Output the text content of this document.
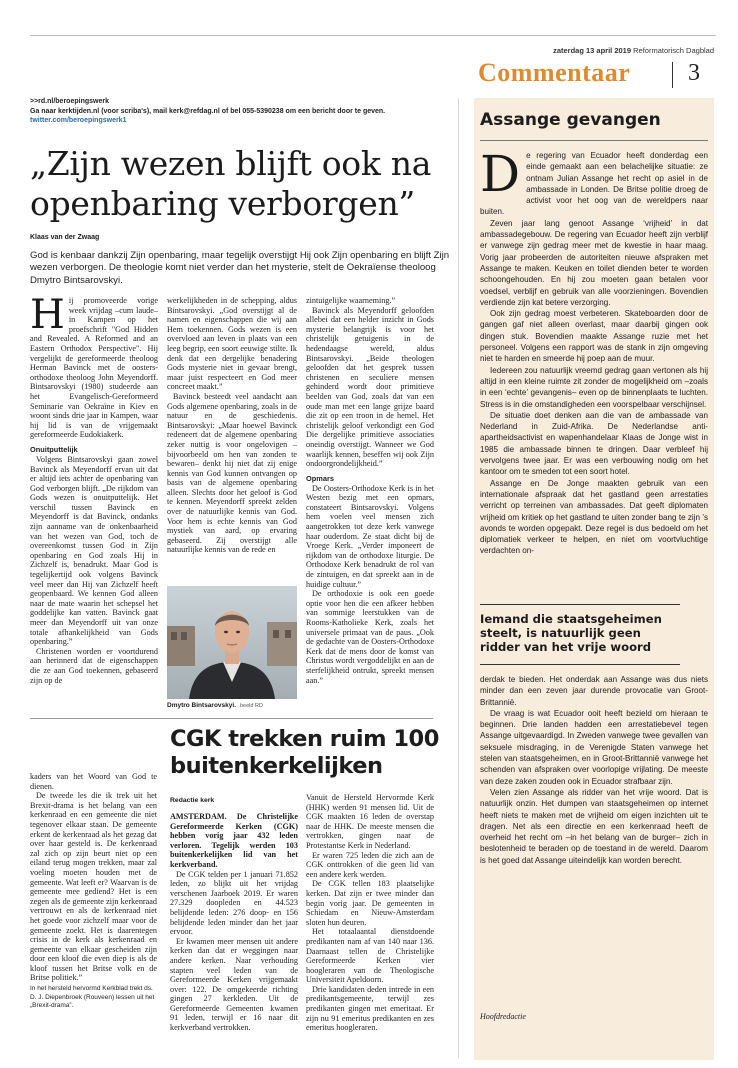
zaterdag 13 april 2019 Reformatorisch Dagblad
Commentaar 3
>>rd.nl/beroepingswerk
Ga naar kerktijden.nl (voor scriba's), mail kerk@refdag.nl of bel 055-5390238 om een bericht door te geven.
twitter.com/beroepingswerk1
„Zijn wezen blijft ook na openbaring verborgen”
Klaas van der Zwaag
God is kenbaar dankzij Zijn openbaring, maar tegelijk overstijgt Hij ook Zijn openbaring en blijft Zijn wezen verborgen. De theologie komt niet verder dan het mysterie, stelt de Oekraïense theoloog Dmytro Bintsarovskyi.
H ij promoveerde vorige week vrijdag –cum laude– in Kampen op het proefschrift "God Hidden and Revealed. A Reformed and an Eastern Orthodox Perspective". Hij vergelijkt de gereformeerde theoloog Herman Bavinck met de oosters-orthodoxe theoloog John Meyendorff. Bintsarovskyi (1980) studeerde aan het Evangelisch-Gereformeerd Seminarie van Oekraïne in Kiev en woont sinds drie jaar in Kampen, waar hij lid is van de vrijgemaakt gereformeerde Eudokiakerk.

Onuitputtelijk

Volgens Bintsarovskyi gaan zowel Bavinck als Meyendorff ervan uit dat er altijd iets achter de openbaring van God verborgen blijft. „De rijkdom van Gods wezen is onuitputtelijk. Het verschil tussen Bavinck en Meyendorff is dat Bavinck, ondanks zijn aanname van de onkenbaarheid van het wezen van God, toch de overeenkomst tussen God in Zijn openbaring en God zoals Hij in Zichzelf is, benadrukt. Maar God is tegelijkertijd ook volgens Bavinck veel meer dan Hij van Zichzelf heeft geopenbaard. We kennen God alleen naar de mate waarin het schepsel het goddelijke kan vatten. Bavinck gaat meer dan Meyendorff uit van onze totale afhankelijkheid van Gods openbaring.”

Christenen worden er voortdurend aan herinnerd dat de eigenschappen die ze aan God toekennen, gebaseerd zijn op de

werkelijkheden in de schepping, aldus Bintsarovskyi. „God overstijgt al de namen en eigenschappen die wij aan Hem toekennen. Gods wezen is een overvloed aan leven in plaats van een leeg begrip, een soort eeuwige stilte. Ik denk dat een dergelijke benadering Gods mysterie niet in gevaar brengt, maar juist respecteert en God meer concreet maakt.”

Bavinck besteedt veel aandacht aan Gods algemene openbaring, zoals in de natuur en de geschiedenis. Bintsarovskyi: „Maar hoewel Bavinck redeneert dat de algemene openbaring zeker nuttig is voor ongelovigen –bijvoorbeeld om hen van zonden te bewaren– denkt hij niet dat zij enige kennis van God kunnen ontvangen op basis van de algemene openbaring alleen. Slechts door het geloof is God te kennen. Meyendorff spreekt zelden over de natuurlijke kennis van God. Voor hem is echte kennis van God mystiek van aard, op ervaring gebaseerd. Zij overstijgt alle natuurlijke kennis van de rede en

zintuigelijke waarneming.”

Bavinck als Meyendorff geloofden allebei dat een helder inzicht in Gods mysterie belangrijk is voor het christelijk getuigenis in de hedendaagse wereld, aldus Bintsarovskyi. „Beide theologen geloofden dat het gesprek tussen christenen en seculiere mensen gehinderd wordt door primitieve beelden van God, zoals dat van een oude man met een lange grijze baard die zit op een troon in de hemel. Het christelijk geloof verkondigt een God Die dergelijke primitieve associaties oneindig overstijgt. Wanneer we God waarlijk kennen, beseffen wij ook Zijn ondoorgrondelijkheid.”

Opmars

De Oosters-Orthodoxe Kerk is in het Westen bezig met een opmars, constateert Bintsarovskyi. Volgens hem voelen veel mensen zich aangetrokken tot deze kerk vanwege haar ouderdom. Ze staat dicht bij de Vroege Kerk. „Verder imponeert de rijkdom van de orthodoxe liturgie. De Orthodoxe Kerk benadrukt de rol van de zintuigen, en dat spreekt aan in de huidige cultuur.”

De orthodoxie is ook een goede optie voor hen die een afkeer hebben van sommige leerstukken van de Rooms-Katholieke Kerk, zoals het universele primaat van de paus. „Ook de gedachte van de Oosters-Orthodoxe Kerk dat de mens door de komst van Christus wordt vergoddelijkt en aan de sterfelijkheid ontrukt, spreekt mensen aan.”

Dmytro Bintsarovskyi. beeld RD

kaders van het Woord van God te dienen.

De tweede les die ik trek uit het Brexit-drama is het belang van een kerkenraad en een gemeente die niet tegenover elkaar staan. De gemeente erkent de kerkenraad als het gezag dat over haar gesteld is. De kerkenraad zal zich op zijn beurt niet op een eiland terug mogen trekken, maar zal voeling moeten houden met de gemeente. Wat leeft er? Waarvan is de gemeente mee gediend? Het is een zegen als de gemeente zijn kerkenraad vertrouwt en als de kerkenraad niet het goede voor zichzelf maar voor de gemeente zoekt. Het is daarentegen crisis in de kerk als kerkenraad en gemeente van elkaar gescheiden zijn door een kloof die even diep is als de kloof tussen het Britse volk en de Britse politiek.”

In het hersteld hervormd Kerkblad trekt ds. D. J. Diepenbroek (Rouveen) lessen uit het „Brexit-drama”.
CGK trekken ruim 100 buitenkerkelijken
Redactie kerk

AMSTERDAM. De Christelijke Gereformeerde Kerken (CGK) hebben vorig jaar 432 leden verloren. Tegelijk werden 103 buitenkerkelijken lid van het kerkverband.

De CGK telden per 1 januari 71.852 leden, zo blijkt uit het vrijdag verschenen Jaarboek 2019. Er waren 27.329 doopleden en 44.523 belijdende leden: 276 doop- en 156 belijdende leden minder dan het jaar ervoor.

Er kwamen meer mensen uit andere kerken dan dat er weggingen naar andere kerken. Naar verhouding stapten veel leden van de Gereformeerde Kerken vrijgemaakt over: 122. De omgekeerde richting gingen 27 kerkleden. Uit de Gereformeerde Gemeenten kwamen 91 leden, terwijl er 16 naar dit kerkverband vertrokken.

Vanuit de Hersteld Hervormde Kerk (HHK) werden 91 mensen lid. Uit de CGK maakten 16 leden de overstap naar de HHK. De meeste mensen die vertrokken, gingen naar de Protestantse Kerk in Nederland.

Er waren 725 leden die zich aan de CGK onttrokken of die geen lid van een andere kerk werden.

De CGK tellen 183 plaatselijke kerken. Dat zijn er twee minder dan begin vorig jaar. De gemeenten in Schiedam en Nieuw-Amsterdam sloten hun deuren.

Het totaalaantal dienstdoende predikanten nam af van 140 naar 136. Daarnaast tellen de Christelijke Gereformeerde Kerken vier hoogleraren van de Theologische Universiteit Apeldoorn.

Drie kandidaten deden intrede in een predikantsgemeente, terwijl zes predikanten gingen met emeritaat. Er zijn nu 91 emeritus predikanten en zes emeritus hoogleraren.

Assange gevangen
D e regering van Ecuador heeft donderdag een einde gemaakt aan een belachelijke situatie: ze ontnam Julian Assange het recht op asiel in de ambassade in Londen. De Britse politie droeg de activist voor het oog van de wereldpers naar buiten.

Zeven jaar lang genoot Assange ‘vrijheid’ in dat ambassadegebouw. De regering van Ecuador heeft zijn verblijf er vanwege zijn gedrag meer met de kwestie in haar maag. Vorig jaar probeerden de autoriteiten nieuwe afspraken met Assange te maken. Keuken en toilet dienden beter te worden schoongehouden. En hij zou moeten gaan betalen voor voedsel, verblijf en gebruik van alle voorzieningen. Bovendien verdiende zijn kat betere verzorging.

Ook zijn gedrag moest verbeteren. Skateboarden door de gangen gaf niet alleen overlast, maar daarbij gingen ook dingen stuk. Bovendien maakte Assange ruzie met het personeel. Volgens een rapport was de stank in zijn omgeving niet te harden en smeerde hij poep aan de muur.

Iedereen zou natuurlijk vreemd gedrag gaan vertonen als hij altijd in een kleine ruimte zit zonder de mogelijkheid om –zoals in een ‘echte’ gevangenis– even op de binnenplaats te luchten. Stress is in die omstandigheden een voorspelbaar verschijnsel.

De situatie doet denken aan die van de ambassade van Nederland in Zuid-Afrika. De Nederlandse anti-apartheidsactivist en wapenhandelaar Klaas de Jonge wist in 1985 die ambassade binnen te dringen. Daar verbleef hij vervolgens twee jaar. Er was een verbouwing nodig om het kantoor om te smeden tot een soort hotel.

Assange en De Jonge maakten gebruik van een internationale afspraak dat het gastland geen arrestaties verricht op terreinen van ambassades. Dat geeft diplomaten vrijheid om kritiek op het gastland te uiten zonder bang te zijn ’s avonds te worden opgepakt. Deze regel is dus bedoeld om het diplomatiek verkeer te helpen, en niet om voortvluchtige verdachten on-

Iemand die staatsgeheimen steelt, is natuurlijk geen ridder van het vrije woord

derdak te bieden. Het onderdak aan Assange was dus niets minder dan een zeven jaar durende provocatie van Groot-Brittannië.

De vraag is wat Ecuador ooit heeft bezield om hieraan te beginnen. Drie landen hadden een arrestatiebevel tegen Assange uitgevaardigd. In Zweden vanwege twee gevallen van seksuele misdraging, in de Verenigde Staten vanwege het stelen van staatsgeheimen, en in Groot-Brittannië vanwege het schenden van afspraken over voorlopige vrijlating. De meeste van deze zaken zouden ook in Ecuador strafbaar zijn.

Velen zien Assange als ridder van het vrije woord. Dat is natuurlijk onzin. Het dumpen van staatsgeheimen op internet heeft niets te maken met de vrijheid om eigen inzichten uit te dragen. Net als een directie en een kerkenraad heeft de overheid het recht om –in het belang van de burger– zich in beslotenheid te beraden op de toestand in de wereld. Daarom is het goed dat Assange uiteindelijk kan worden berecht.

Hoofdredactie
